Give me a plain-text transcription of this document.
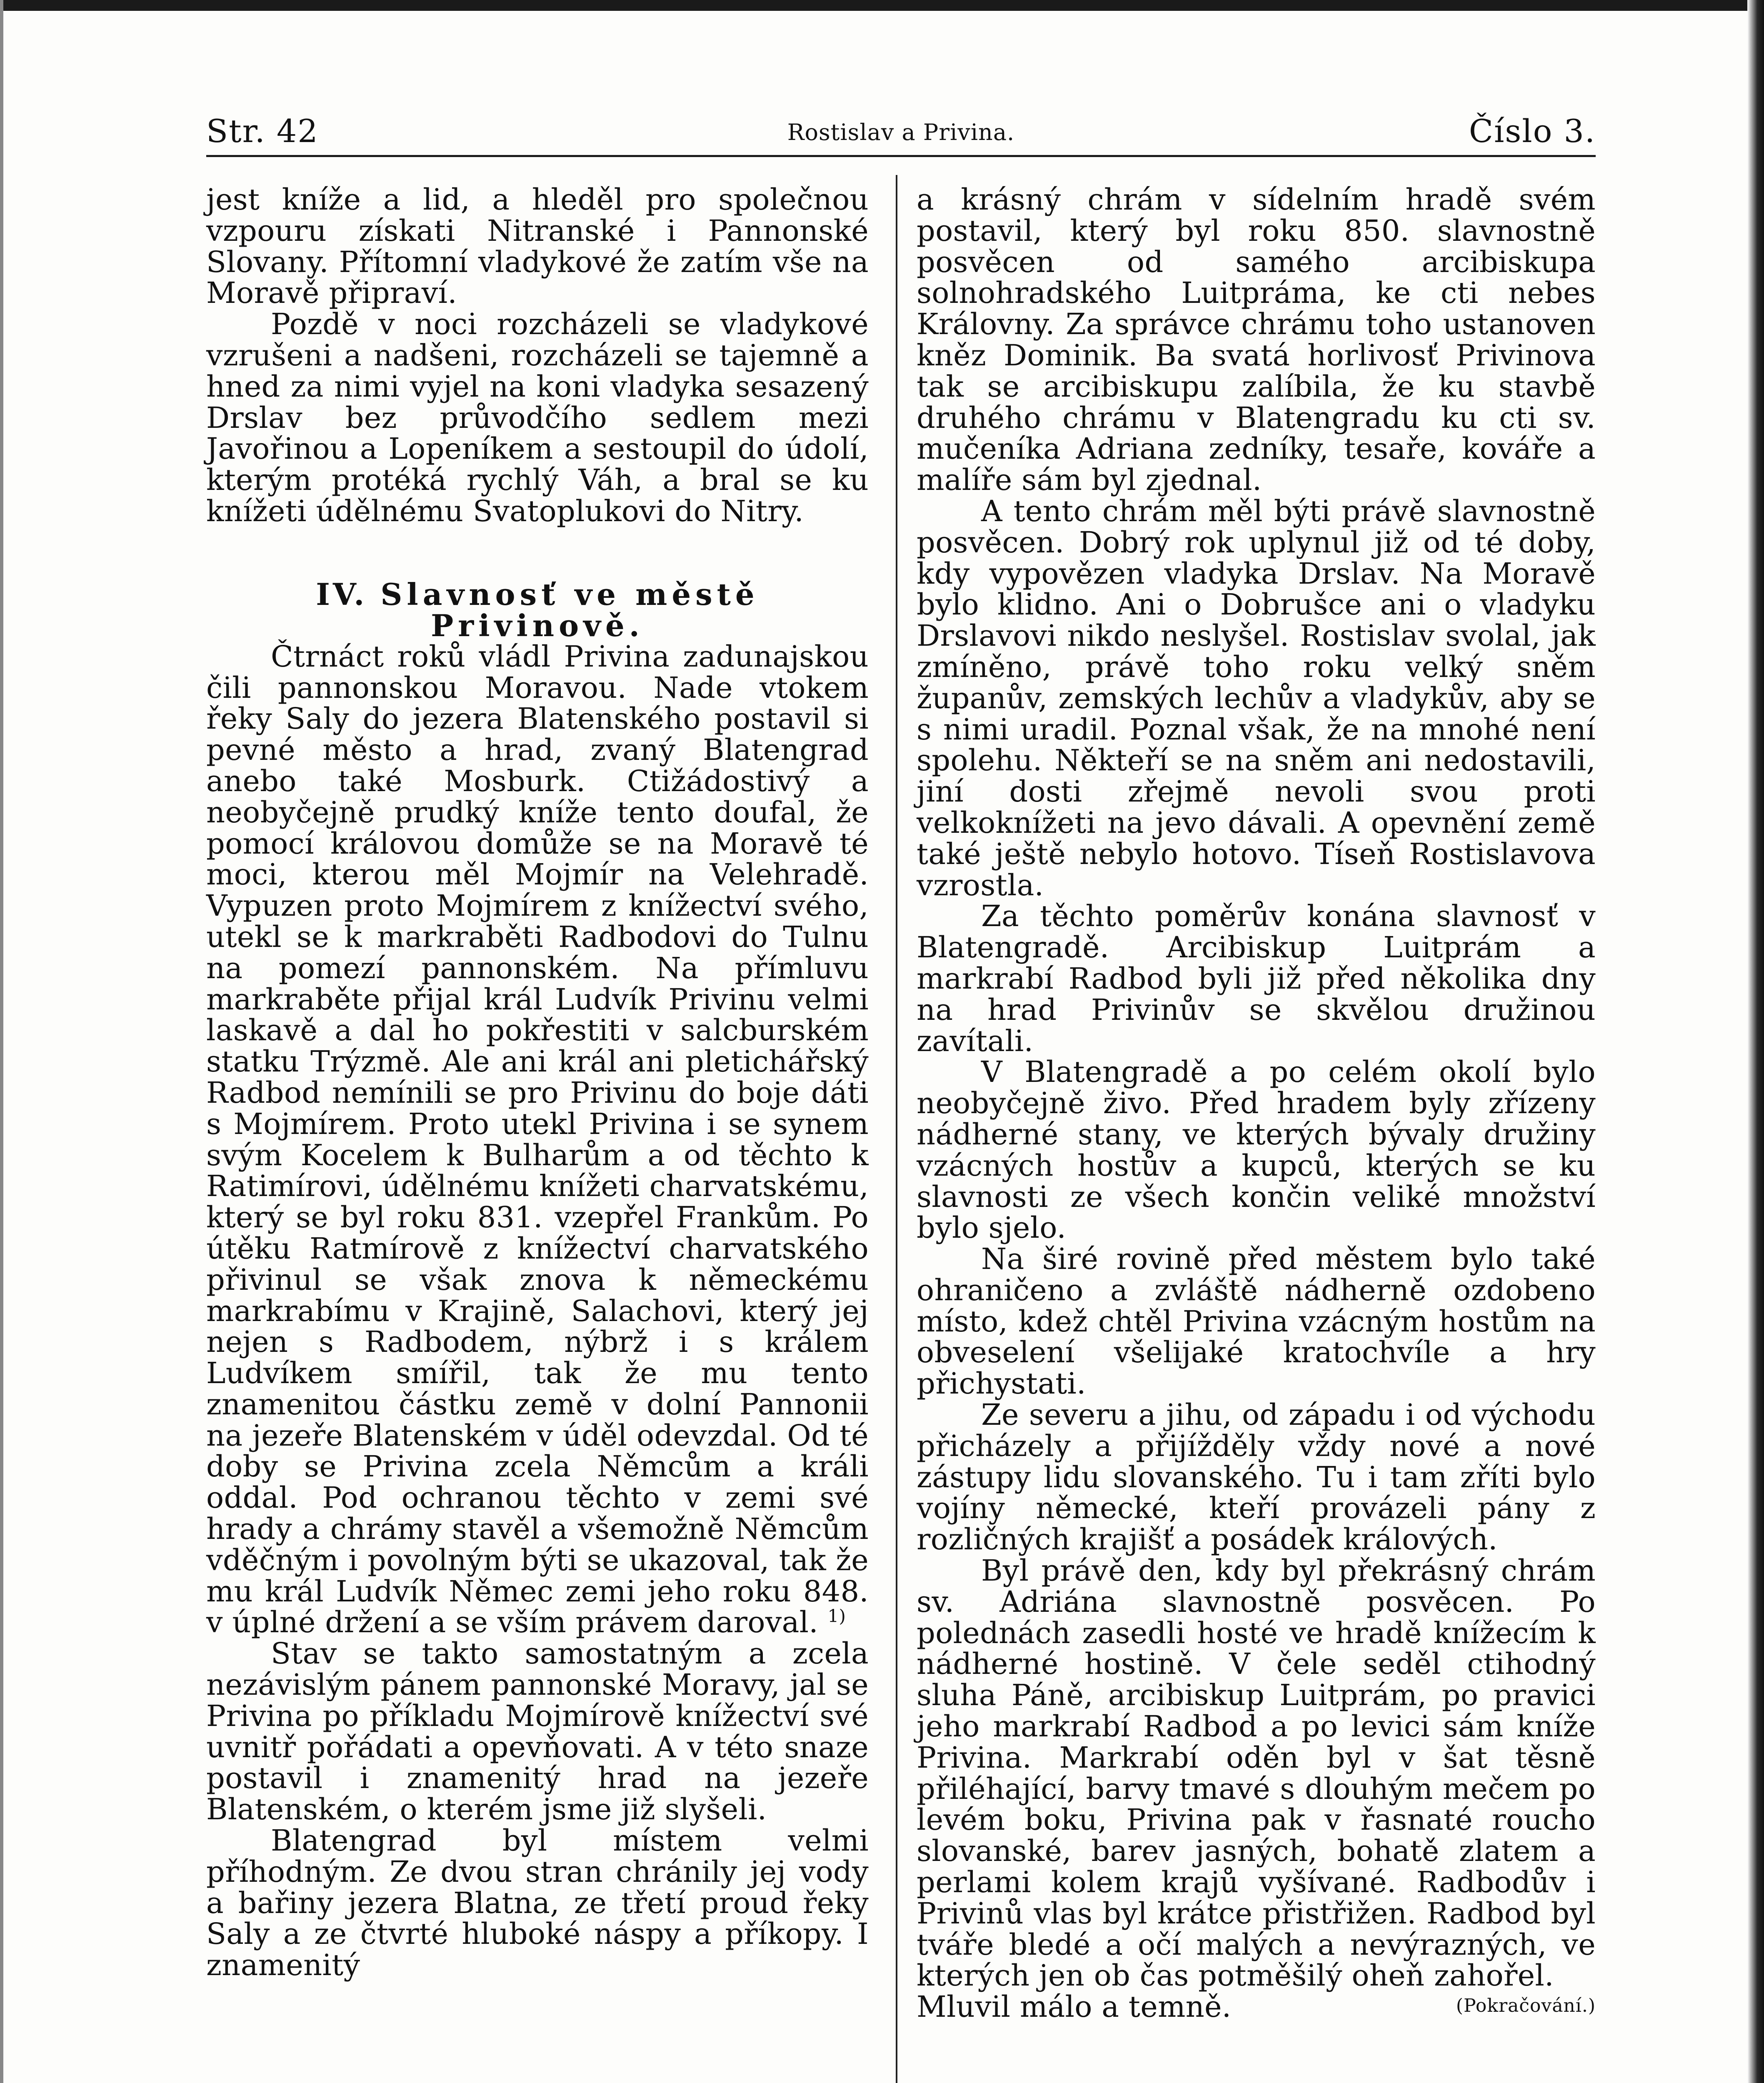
Str. 42	Rostislav a Privina.	Číslo 3.

jest kníže a lid, a hleděl pro společnou vzpouru získati Nitranské i Pannonské Slovany. Přítomní vladykové že zatím vše na Moravě připraví.

Pozdě v noci rozcházeli se vladykové vzrušeni a nadšeni, rozcházeli se tajemně a hned za nimi vyjel na koni vladyka sesazený Drslav bez průvodčího sedlem mezi Javořinou a Lopeníkem a sestoupil do údolí, kterým protéká rychlý Váh, a bral se ku knížeti údělnému Svatoplukovi do Nitry.

IV. Slavnosť ve městě Privinově.

Čtrnáct roků vládl Privina zadunajskou čili pannonskou Moravou. Nade vtokem řeky Saly do jezera Blatenského postavil si pevné město a hrad, zvaný Blatengrad anebo také Mosburk. Ctižádostivý a neobyčejně prudký kníže tento doufal, že pomocí královou domůže se na Moravě té moci, kterou měl Mojmír na Velehradě. Vypuzen proto Mojmírem z knížectví svého, utekl se k markraběti Radbodovi do Tulnu na pomezí pannonském. Na přímluvu markraběte přijal král Ludvík Privinu velmi laskavě a dal ho pokřestiti v salcburském statku Trýzmě. Ale ani král ani pletichářský Radbod nemínili se pro Privinu do boje dáti s Mojmírem. Proto utekl Privina i se synem svým Kocelem k Bulharům a od těchto k Ratimírovi, údělnému knížeti charvatskému, který se byl roku 831. vzepřel Frankům. Po útěku Ratmírově z knížectví charvatského přivinul se však znova k německému markrabímu v Krajině, Salachovi, který jej nejen s Radbodem, nýbrž i s králem Ludvíkem smířil, tak že mu tento znamenitou částku země v dolní Pannonii na jezeře Blatenském v úděl odevzdal. Od té doby se Privina zcela Němcům a králi oddal. Pod ochranou těchto v zemi své hrady a chrámy stavěl a všemožně Němcům vděčným i povolným býti se ukazoval, tak že mu král Ludvík Němec zemi jeho roku 848. v úplné držení a se vším právem daroval. $^{1)}$

Stav se takto samostatným a zcela nezávislým pánem pannonské Moravy, jal se Privina po příkladu Mojmírově knížectví své uvnitř pořádati a opevňovati. A v této snaze postavil i znamenitý hrad na jezeře Blatenském, o kterém jsme již slyšeli.

Blatengrad byl místem velmi příhodným. Ze dvou stran chránily jej vody a bařiny jezera Blatna, ze třetí proud řeky Saly a ze čtvrté hluboké náspy a příkopy. I znamenitý

a krásný chrám v sídelním hradě svém postavil, který byl roku 850. slavnostně posvěcen od samého arcibiskupa solnohradského Luitpráma, ke cti nebes Královny. Za správce chrámu toho ustanoven kněz Dominik. Ba svatá horlivosť Privinova tak se arcibiskupu zalíbila, že ku stavbě druhého chrámu v Blatengradu ku cti sv. mučeníka Adriana zedníky, tesaře, kováře a malíře sám byl zjednal.

A tento chrám měl býti právě slavnostně posvěcen. Dobrý rok uplynul již od té doby, kdy vypovězen vladyka Drslav. Na Moravě bylo klidno. Ani o Dobrušce ani o vladyku Drslavovi nikdo neslyšel. Rostislav svolal, jak zmíněno, právě toho roku velký sněm županův, zemských lechův a vladykův, aby se s nimi uradil. Poznal však, že na mnohé není spolehu. Někteří se na sněm ani nedostavili, jiní dosti zřejmě nevoli svou proti velkoknížeti na jevo dávali. A opevnění země také ještě nebylo hotovo. Tíseň Rostislavova vzrostla.

Za těchto poměrův konána slavnosť v Blatengradě. Arcibiskup Luitprám a markrabí Radbod byli již před několika dny na hrad Privinův se skvělou družinou zavítali.

V Blatengradě a po celém okolí bylo neobyčejně živo. Před hradem byly zřízeny nádherné stany, ve kterých bývaly družiny vzácných hostův a kupců, kterých se ku slavnosti ze všech končin veliké množství bylo sjelo.

Na širé rovině před městem bylo také ohraničeno a zvláště nádherně ozdobeno místo, kdež chtěl Privina vzácným hostům na obveselení všelijaké kratochvíle a hry přichystati.

Ze severu a jihu, od západu i od východu přicházely a přijížděly vždy nové a nové zástupy lidu slovanského. Tu i tam zříti bylo vojíny německé, kteří provázeli pány z rozličných krajišť a posádek králových.

Byl právě den, kdy byl překrásný chrám sv. Adriána slavnostně posvěcen. Po polednách zasedli hosté ve hradě knížecím k nádherné hostině. V čele seděl ctihodný sluha Páně, arcibiskup Luitprám, po pravici jeho markrabí Radbod a po levici sám kníže Privina. Markrabí oděn byl v šat těsně přiléhající, barvy tmavé s dlouhým mečem po levém boku, Privina pak v řasnaté roucho slovanské, barev jasných, bohatě zlatem a perlami kolem krajů vyšívané. Radbodův i Privinů vlas byl krátce přistřižen. Radbod byl tváře bledé a očí malých a nevýrazných, ve kterých jen ob čas potměšilý oheň zahořel.

Mluvil málo a temně.	(Pokračování.)
